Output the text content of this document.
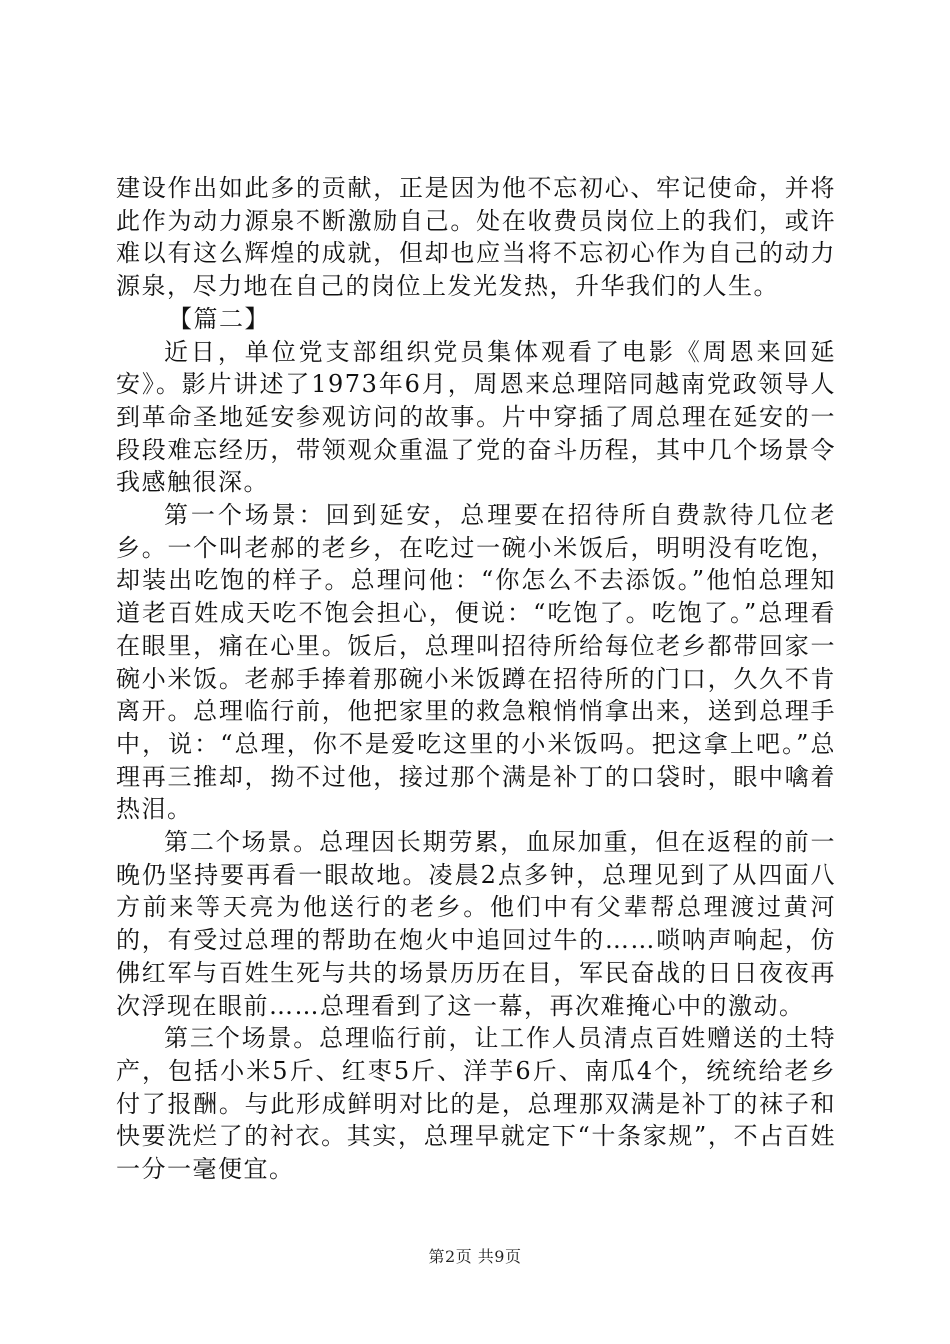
建设作出如此多的贡献，正是因为他不忘初心、牢记使命，并将此作为动力源泉不断激励自己。处在收费员岗位上的我们，或许难以有这么辉煌的成就，但却也应当将不忘初心作为自己的动力源泉，尽力地在自己的岗位上发光发热，升华我们的人生。

【篇二】

近日，单位党支部组织党员集体观看了电影《周恩来回延安》。影片讲述了1973年6月，周恩来总理陪同越南党政领导人到革命圣地延安参观访问的故事。片中穿插了周总理在延安的一段段难忘经历，带领观众重温了党的奋斗历程，其中几个场景令我感触很深。

第一个场景：回到延安，总理要在招待所自费款待几位老乡。一个叫老郝的老乡，在吃过一碗小米饭后，明明没有吃饱，却装出吃饱的样子。总理问他：“你怎么不去添饭。”他怕总理知道老百姓成天吃不饱会担心，便说：“吃饱了。吃饱了。”总理看在眼里，痛在心里。饭后，总理叫招待所给每位老乡都带回家一碗小米饭。老郝手捧着那碗小米饭蹲在招待所的门口，久久不肯离开。总理临行前，他把家里的救急粮悄悄拿出来，送到总理手中，说：“总理，你不是爱吃这里的小米饭吗。把这拿上吧。”总理再三推却，拗不过他，接过那个满是补丁的口袋时，眼中噙着热泪。

第二个场景。总理因长期劳累，血尿加重，但在返程的前一晚仍坚持要再看一眼故地。凌晨2点多钟，总理见到了从四面八方前来等天亮为他送行的老乡。他们中有父辈帮总理渡过黄河的，有受过总理的帮助在炮火中追回过牛的……唢呐声响起，仿佛红军与百姓生死与共的场景历历在目，军民奋战的日日夜夜再次浮现在眼前……总理看到了这一幕，再次难掩心中的激动。

第三个场景。总理临行前，让工作人员清点百姓赠送的土特产，包括小米5斤、红枣5斤、洋芋6斤、南瓜4个，统统给老乡付了报酬。与此形成鲜明对比的是，总理那双满是补丁的袜子和快要洗烂了的衬衣。其实，总理早就定下“十条家规”，不占百姓一分一毫便宜。

第2页 共9页
